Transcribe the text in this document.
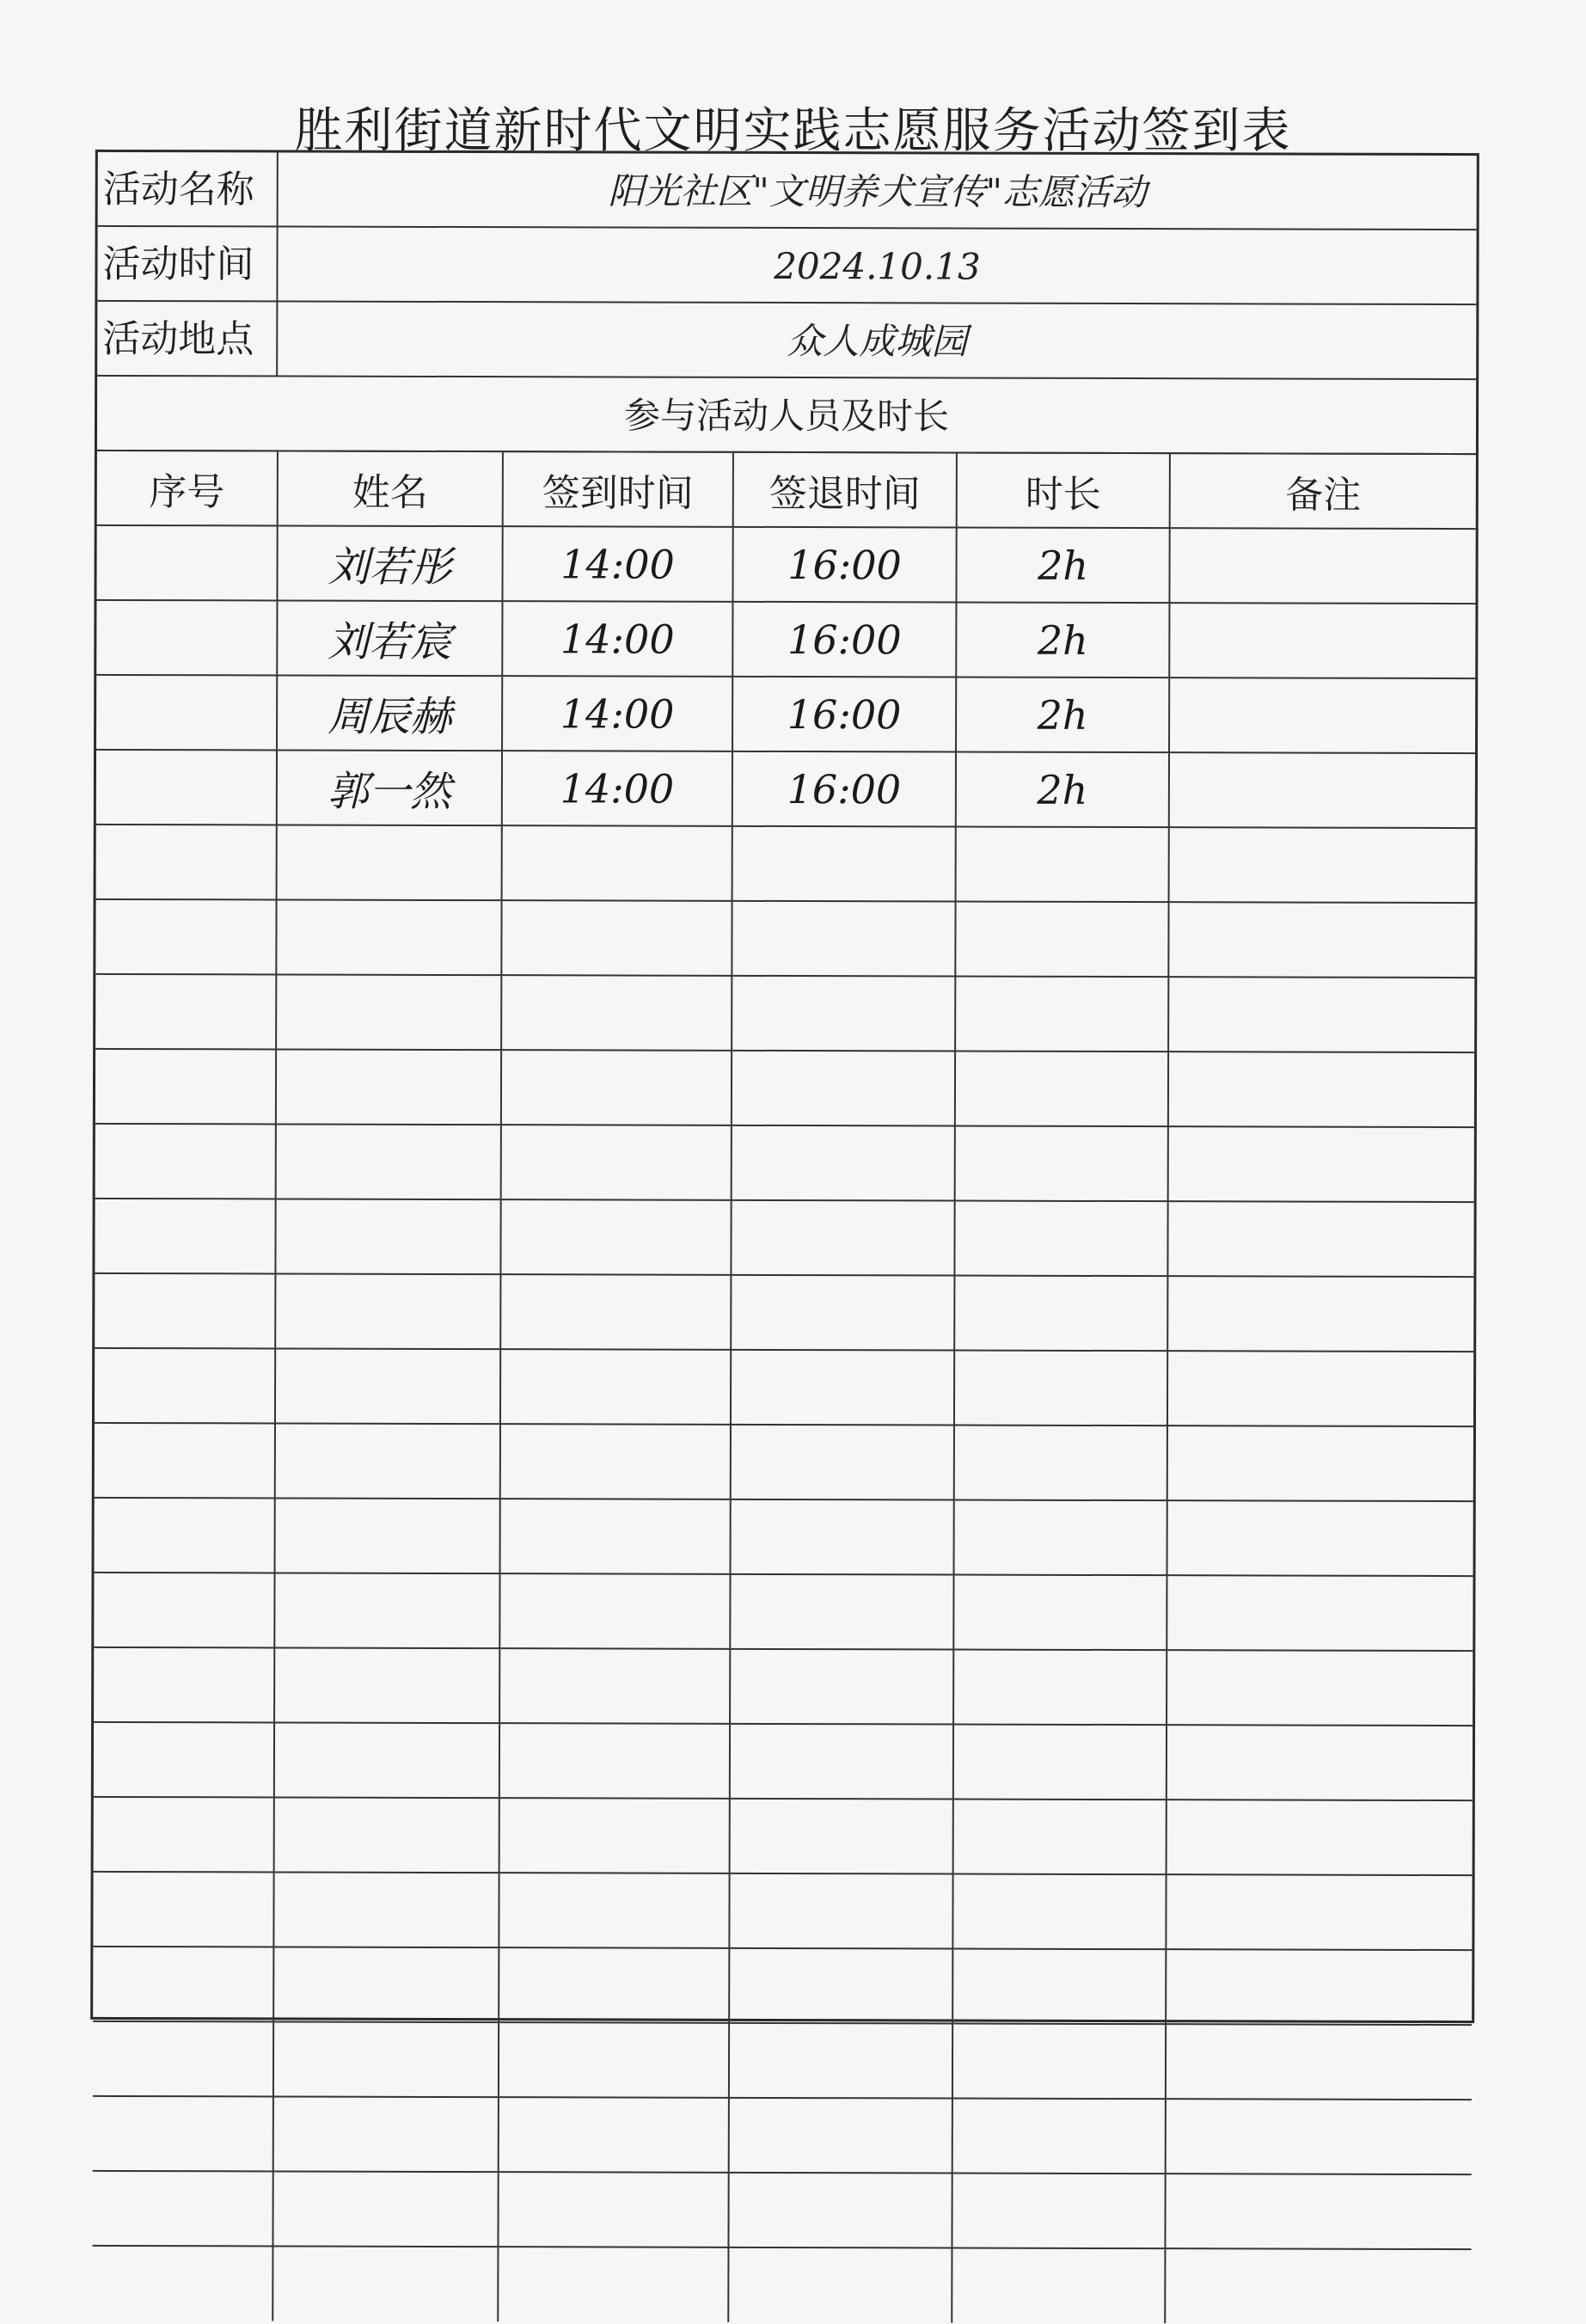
胜利街道新时代文明实践志愿服务活动签到表
活动名称	阳光社区"文明养犬宣传"志愿活动
活动时间	2024.10.13
活动地点	众人成城园
参与活动人员及时长
序号	姓名	签到时间	签退时间	时长	备注
	刘若彤	14:00	16:00	2h	
	刘若宸	14:00	16:00	2h	
	周辰赫	14:00	16:00	2h	
	郭一然	14:00	16:00	2h	
